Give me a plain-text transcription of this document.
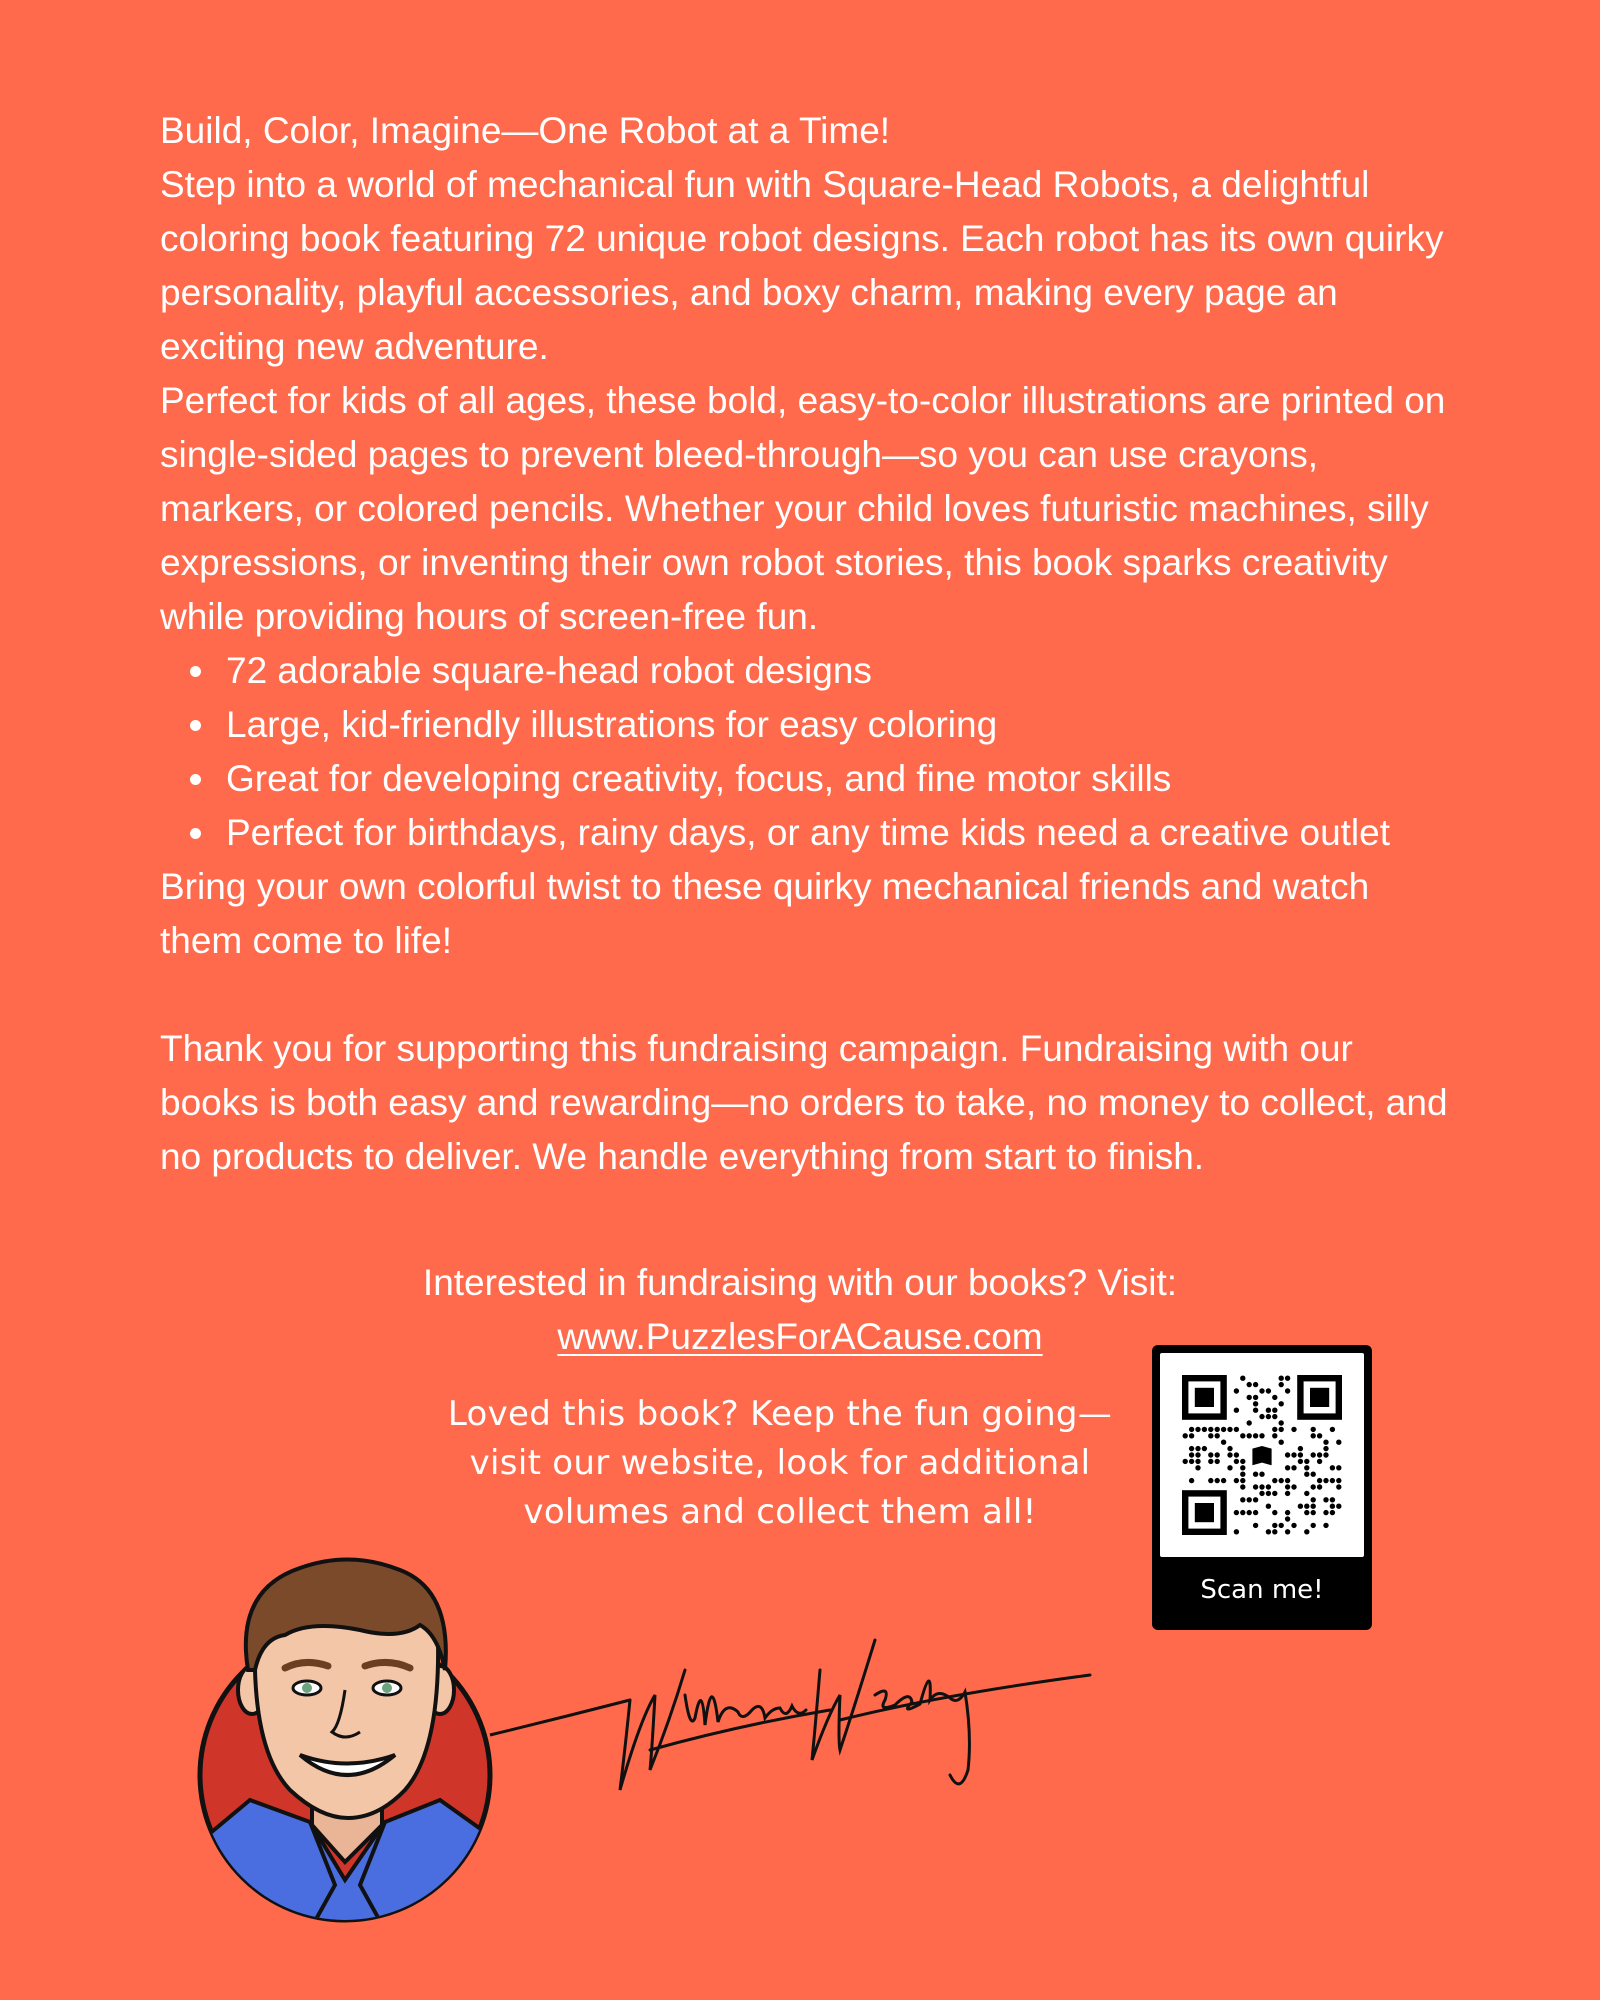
Build, Color, Imagine—One Robot at a Time!

Step into a world of mechanical fun with Square-Head Robots, a delightful coloring book featuring 72 unique robot designs. Each robot has its own quirky personality, playful accessories, and boxy charm, making every page an exciting new adventure.

Perfect for kids of all ages, these bold, easy-to-color illustrations are printed on single-sided pages to prevent bleed-through—so you can use crayons, markers, or colored pencils. Whether your child loves futuristic machines, silly expressions, or inventing their own robot stories, this book sparks creativity while providing hours of screen-free fun.

72 adorable square-head robot designs
Large, kid-friendly illustrations for easy coloring
Great for developing creativity, focus, and fine motor skills
Perfect for birthdays, rainy days, or any time kids need a creative outlet

Bring your own colorful twist to these quirky mechanical friends and watch them come to life!

Thank you for supporting this fundraising campaign. Fundraising with our books is both easy and rewarding—no orders to take, no money to collect, and no products to deliver. We handle everything from start to finish.

Interested in fundraising with our books? Visit:
www.PuzzlesForACause.com
Loved this book? Keep the fun going—visit our website, look for additional volumes and collect them all!
Scan me!
